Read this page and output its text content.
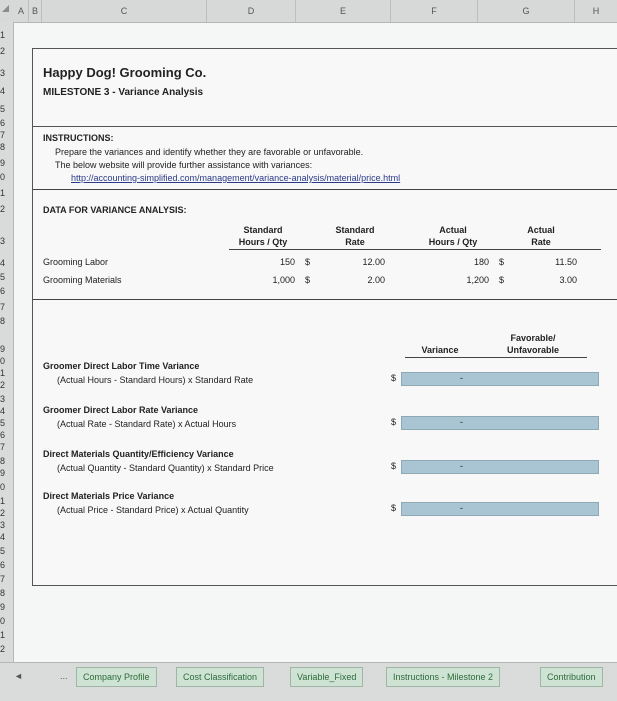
A B	C	D	E	F	G	H
1
2
3
4
5
6
7
8
9
0
1
2
3
4
5
6
7
8
9
0
1
2
3
4
5
6
7
8
9
0
1
2
3
4
5
6
7
8
9
0
1
2
Happy Dog! Grooming Co.
MILESTONE 3 - Variance Analysis
INSTRUCTIONS:
Prepare the variances and identify whether they are favorable or unfavorable.
The below website will provide further assistance with variances:
http://accounting-simplified.com/management/variance-analysis/material/price.html
DATA FOR VARIANCE ANALYSIS:
Standard
Hours / Qty
Standard
Rate
Actual
Hours / Qty
Actual
Rate
Grooming Labor	150 $	12.00	180 $	11.50
Grooming Materials	1,000 $	2.00	1,200 $	3.00
Variance
Favorable/
Unfavorable
Groomer Direct Labor Time Variance
(Actual Hours - Standard Hours) x Standard Rate	$	-
Groomer Direct Labor Rate Variance
(Actual Rate - Standard Rate) x Actual Hours	$	-
Direct Materials Quantity/Efficiency Variance
(Actual Quantity - Standard Quantity) x Standard Price	$	-
Direct Materials Price Variance
(Actual Price - Standard Price) x Actual Quantity	$	-
◄	...	Company Profile	Cost Classification	Variable_Fixed	Instructions - Milestone 2	Contribution
